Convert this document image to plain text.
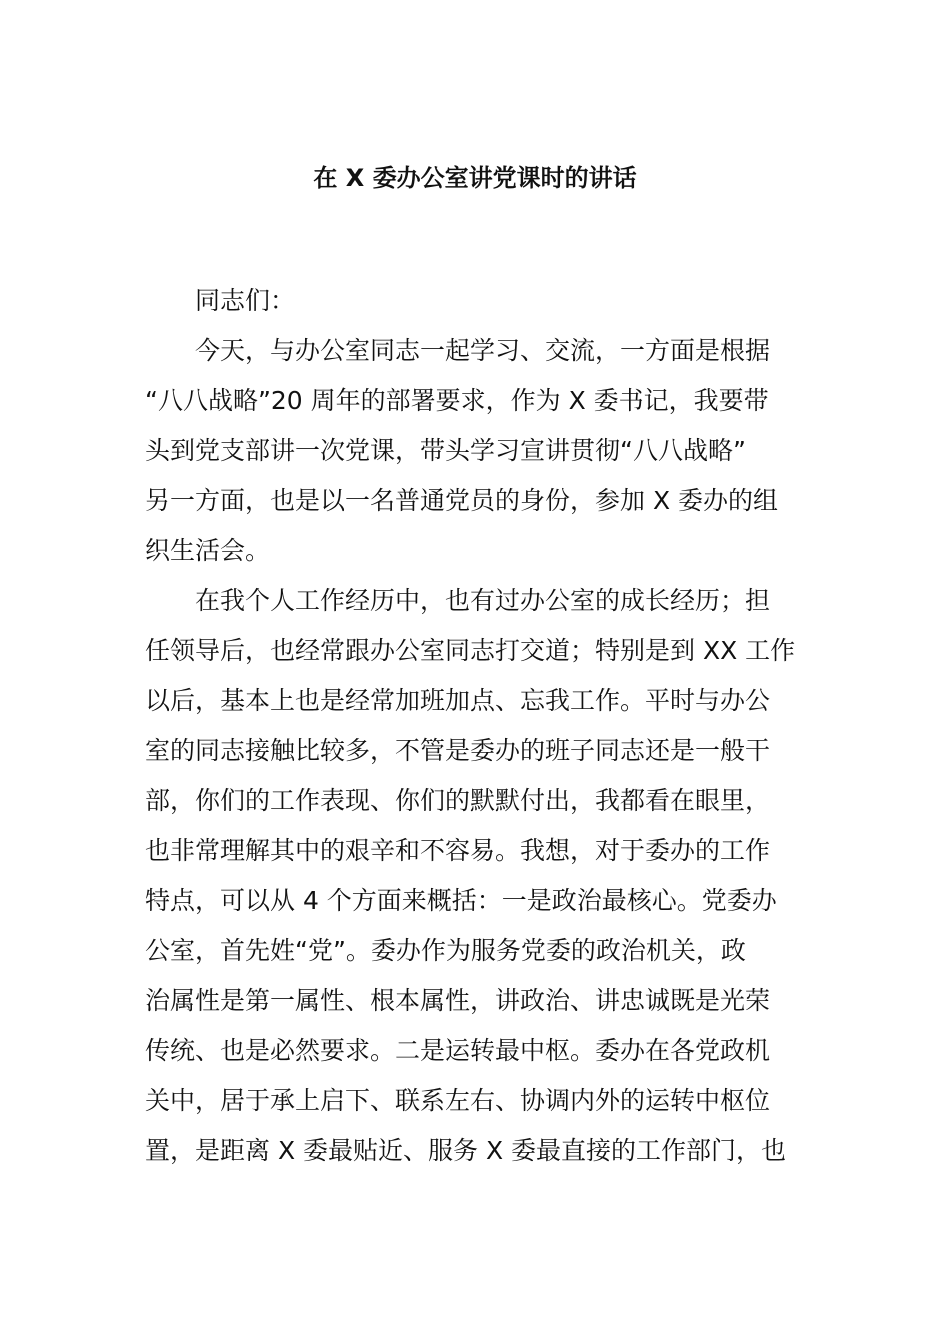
在 X 委办公室讲党课时的讲话
同志们：
今天，与办公室同志一起学习、交流，一方面是根据
“八八战略”20 周年的部署要求，作为 X 委书记，我要带
头到党支部讲一次党课，带头学习宣讲贯彻“八八战略”
另一方面，也是以一名普通党员的身份，参加 X 委办的组
织生活会。
在我个人工作经历中，也有过办公室的成长经历；担
任领导后，也经常跟办公室同志打交道；特别是到 XX 工作
以后，基本上也是经常加班加点、忘我工作。平时与办公
室的同志接触比较多，不管是委办的班子同志还是一般干
部，你们的工作表现、你们的默默付出，我都看在眼里，
也非常理解其中的艰辛和不容易。我想，对于委办的工作
特点，可以从 4 个方面来概括：一是政治最核心。党委办
公室，首先姓“党”。委办作为服务党委的政治机关，政
治属性是第一属性、根本属性，讲政治、讲忠诚既是光荣
传统、也是必然要求。二是运转最中枢。委办在各党政机
关中，居于承上启下、联系左右、协调内外的运转中枢位
置，是距离 X 委最贴近、服务 X 委最直接的工作部门，也
